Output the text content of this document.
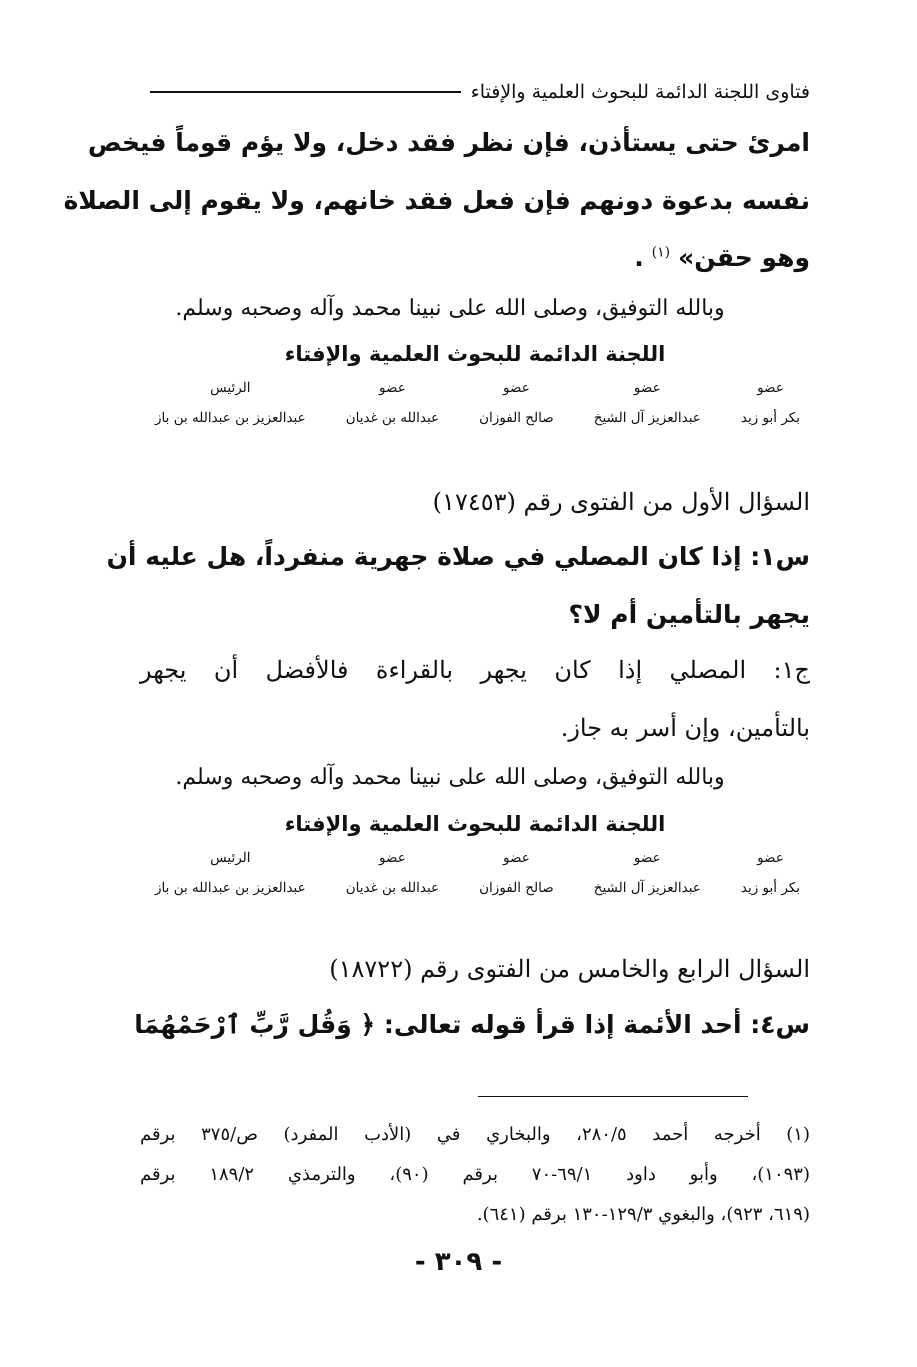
فتاوى اللجنة الدائمة للبحوث العلمية والإفتاء
امرئ حتى يستأذن، فإن نظر فقد دخل، ولا يؤم قوماً فيخص
نفسه بدعوة دونهم فإن فعل فقد خانهم، ولا يقوم إلى الصلاة
وهو حقن» $^{(١)}$ .
وبالله التوفيق، وصلى الله على نبينا محمد وآله وصحبه وسلم.
اللجنة الدائمة للبحوث العلمية والإفتاء
عضو
بكر أبو زيد
عضو
عبدالعزيز آل الشيخ
عضو
صالح الفوزان
عضو
عبدالله بن غديان
الرئيس
عبدالعزيز بن عبدالله بن باز
السؤال الأول من الفتوى رقم (١٧٤٥٣)
س١: إذا كان المصلي في صلاة جهرية منفرداً، هل عليه أن
يجهر بالتأمين أم لا؟
ج١: المصلي إذا كان يجهر بالقراءة فالأفضل أن يجهر
بالتأمين، وإن أسر به جاز.
وبالله التوفيق، وصلى الله على نبينا محمد وآله وصحبه وسلم.
اللجنة الدائمة للبحوث العلمية والإفتاء
عضو
بكر أبو زيد
عضو
عبدالعزيز آل الشيخ
عضو
صالح الفوزان
عضو
عبدالله بن غديان
الرئيس
عبدالعزيز بن عبدالله بن باز
السؤال الرابع والخامس من الفتوى رقم (١٨٧٢٢)
س٤: أحد الأئمة إذا قرأ قوله تعالى: ﴿ وَقُل رَّبِّ ٱرْحَمْهُمَا
(١) أخرجه أحمد ٢٨٠/٥، والبخاري في (الأدب المفرد) ص/٣٧٥ برقم
(١٠٩٣)، وأبو داود ٦٩/١-٧٠ برقم (٩٠)، والترمذي ١٨٩/٢ برقم
(٦١٩، ٩٢٣)، والبغوي ١٢٩/٣-١٣٠ برقم (٦٤١).
- ٣٠٩ -
